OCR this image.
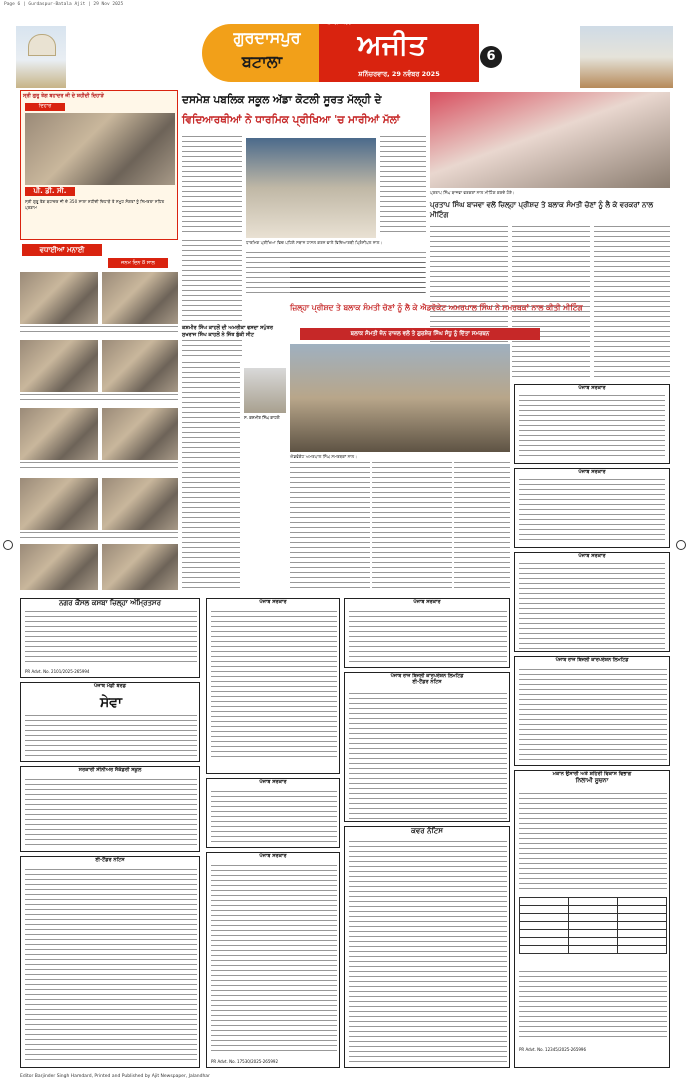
Page 6 | Gurdaspur-Batala Ajit | 29 Nov 2025
ਗੁਰਦਾਸਪੁਰ
ਬਟਾਲਾ
ਅਜੀਤ
ਜਲੰਧਰ, ਸ਼ਹਿਰ
ਸ਼ਨਿੱਚਰਵਾਰ, 29 ਨਵੰਬਰ 2025
6
ਸ੍ਰੀ ਗੁਰੂ ਤੇਗ ਬਹਾਦਰ ਜੀ ਦੇ ਸ਼ਹੀਦੀ ਦਿਹਾੜੇ
ਦਿਹਾਰ
ਪੀ. ਡੀ. ਸੀ.
ਸ੍ਰੀ ਗੁਰੂ ਤੇਗ ਬਹਾਦਰ ਜੀ ਦੇ 350 ਸਾਲਾ ਸ਼ਹੀਦੀ ਦਿਹਾੜੇ ਤੇ ਸਮੂਹ ਸੰਗਤਾਂ ਨੂੰ ਨਿਮਰਤਾ ਸਹਿਤ ਪ੍ਰਣਾਮ
ਵਧਾਈਆਂ ਮਨਾਈ
ਜਨਮ ਦਿਨ 8 ਸਾਲ
ਦਸਮੇਸ਼ ਪਬਲਿਕ ਸਕੂਲ ਅੱਡਾ ਕੋਟਲੀ ਸੂਰਤ ਮੱਲ੍ਹੀ ਦੇ
ਵਿਦਿਆਰਥੀਆਂ ਨੇ ਧਾਰਮਿਕ ਪ੍ਰੀਖਿਆ 'ਚ ਮਾਰੀਆਂ ਮੱਲਾਂ
ਧਾਰਮਿਕ ਪ੍ਰੀਖਿਆ ਵਿਚ ਪਹਿਲੇ ਸਥਾਨ ਹਾਸਲ ਕਰਨ ਵਾਲੇ ਵਿਦਿਆਰਥੀ ਪ੍ਰਿੰਸੀਪਲ ਨਾਲ।
ਪ੍ਰਤਾਪ ਸਿੰਘ ਬਾਜਵਾ ਵਰਕਰਾਂ ਨਾਲ ਮੀਟਿੰਗ ਕਰਦੇ ਹੋਏ।
ਪ੍ਰਤਾਪ ਸਿੰਘ ਬਾਜਵਾ ਵਲੋਂ ਜ਼ਿਲ੍ਹਾ ਪ੍ਰੀਸ਼ਦ ਤੇ ਬਲਾਕ ਸੰਮਤੀ ਚੋਣਾਂ ਨੂੰ ਲੈ ਕੇ ਵਰਕਰਾਂ ਨਾਲ ਮੀਟਿੰਗ
ਕਸ਼ਮੀਰ ਸਿੰਘ ਕਾਹਲੋਂ ਦੀ ਅਮਰੀਕਾ ਵਸਦਾ ਸਪੁੱਤਰ ਸੁਖਰਾਜ ਸਿੰਘ ਕਾਹਲੋਂ ਨੇ ਜਿੱਤ ਬੁੱਕੀ ਸੀਟ
ਸ. ਕਸ਼ਮੀਰ ਸਿੰਘ ਕਾਹਲੋਂ
ਜ਼ਿਲ੍ਹਾ ਪ੍ਰੀਸ਼ਦ ਤੇ ਬਲਾਕ ਸੰਮਤੀ ਚੋਣਾਂ ਨੂੰ ਲੈ ਕੇ ਐਡਵੋਕੇਟ ਅਮਰਪਾਲ ਸਿੰਘ ਨੇ ਸਮਰਥਕਾਂ ਨਾਲ ਕੀਤੀ ਮੀਟਿੰਗ
ਬਲਾਕ ਸੰਮਤੀ ਜ਼ੋਨ ਰਾਜ਼ਲ ਵਲੋਂ ਤੇ ਗੁਰਸ਼ੇਰ ਸਿੰਘ ਸੰਧੂ ਨੂੰ ਦਿੱਤਾ ਸਮਰਥਨ
ਐਡਵੋਕੇਟ ਅਮਰਪਾਲ ਸਿੰਘ ਸਮਰਥਕਾਂ ਨਾਲ।
ਪੰਜਾਬ ਸਰਕਾਰ
ਪੰਜਾਬ ਸਰਕਾਰ
ਪੰਜਾਬ ਸਰਕਾਰ
ਨਗਰ ਕੌਂਸਲ ਕਸਬਾ ਜ਼ਿਲ੍ਹਾ ਅੰਮ੍ਰਿਤਸਰ
PR Advt. No. 2101/2025-265994
ਪੰਜਾਬ ਮੰਡੀ ਬੋਰਡ
ਸੇਵਾ
ਸਰਕਾਰੀ ਸੀਨੀਅਰ ਸੈਕੰਡਰੀ ਸਕੂਲ
ਈ-ਟੈਂਡਰ ਨੋਟਿਸ
ਪੰਜਾਬ ਸਰਕਾਰ
ਪੰਜਾਬ ਸਰਕਾਰ
ਪੰਜਾਬ ਸਰਕਾਰ
PR Advt. No. 17530/2025-265992
ਪੰਜਾਬ ਸਰਕਾਰ
ਪੰਜਾਬ ਰਾਜ ਬਿਜਲੀ ਕਾਰਪੋਰੇਸ਼ਨ ਲਿਮਟਿਡ
ਈ-ਟੈਂਡਰ ਨੋਟਿਸ
ਕਵਰ ਨੋਟਿਸ
ਪੰਜਾਬ ਰਾਜ ਬਿਜਲੀ ਕਾਰਪੋਰੇਸ਼ਨ ਲਿਮਟਿਡ
ਮਕਾਨ ਉਸਾਰੀ ਅਤੇ ਸ਼ਹਿਰੀ ਵਿਕਾਸ ਵਿਭਾਗ
ਨਿਲਾਮੀ ਸੂਚਨਾ

PR Advt. No. 12345/2025-265996
Editor Barjinder Singh Hamdard, Printed and Published by Ajit Newspaper, Jalandhar
